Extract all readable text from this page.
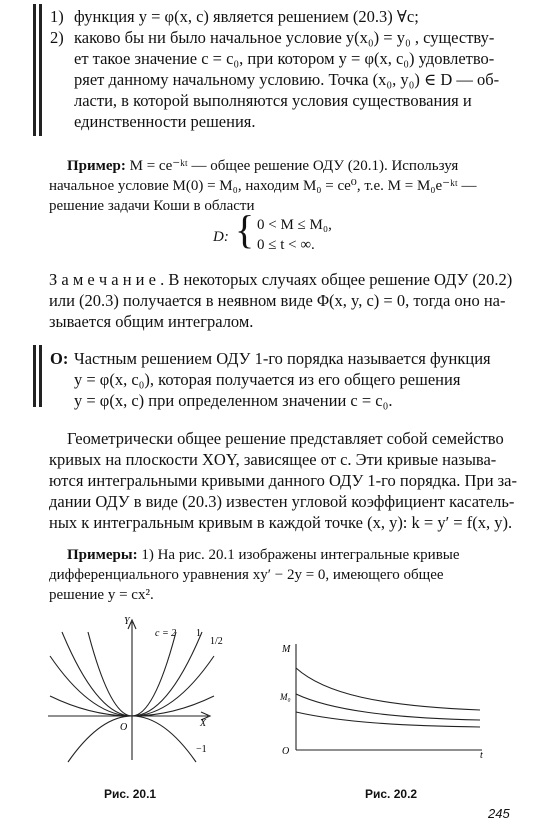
1) функция y = φ(x, c) является решением (20.3) ∀c;
2) каково бы ни было начальное условие y(x₀) = y₀ , существу-
ет такое значение c = c₀, при котором y = φ(x, c₀) удовлетво-
ряет данному начальному условию. Точка (x₀, y₀) ∈ D — об-
ласти, в которой выполняются условия существования и
единственности решения.
Пример: M = ce⁻ᵏᵗ — общее решение ОДУ (20.1). Используя
начальное условие M(0) = M₀, находим M₀ = ce⁰, т.е. M = M₀e⁻ᵏᵗ —
решение задачи Коши в области
D: { 0 < M ≤ M₀,
0 ≤ t < ∞.
З а м е ч а н и е . В некоторых случаях общее решение ОДУ (20.2)
или (20.3) получается в неявном виде Φ(x, y, c) = 0, тогда оно на-
зывается общим интегралом.
O: Частным решением ОДУ 1-го порядка называется функция
y = φ(x, c₀), которая получается из его общего решения
y = φ(x, c) при определенном значении c = c₀.
Геометрически общее решение представляет собой семейство
кривых на плоскости XOY, зависящее от c. Эти кривые называ-
ются интегральными кривыми данного ОДУ 1-го порядка. При за-
дании ОДУ в виде (20.3) известен угловой коэффициент касатель-
ных к интегральным кривым в каждой точке (x, y): k = y′ = f(x, y).
Примеры: 1) На рис. 20.1 изображены интегральные кривые
дифференциального уравнения xy′ − 2y = 0, имеющего общее
решение y = cx².
Y
X
O
c = 2 1
1/2
−1
Рис. 20.1
M
t
O
M₀
Рис. 20.2
245
